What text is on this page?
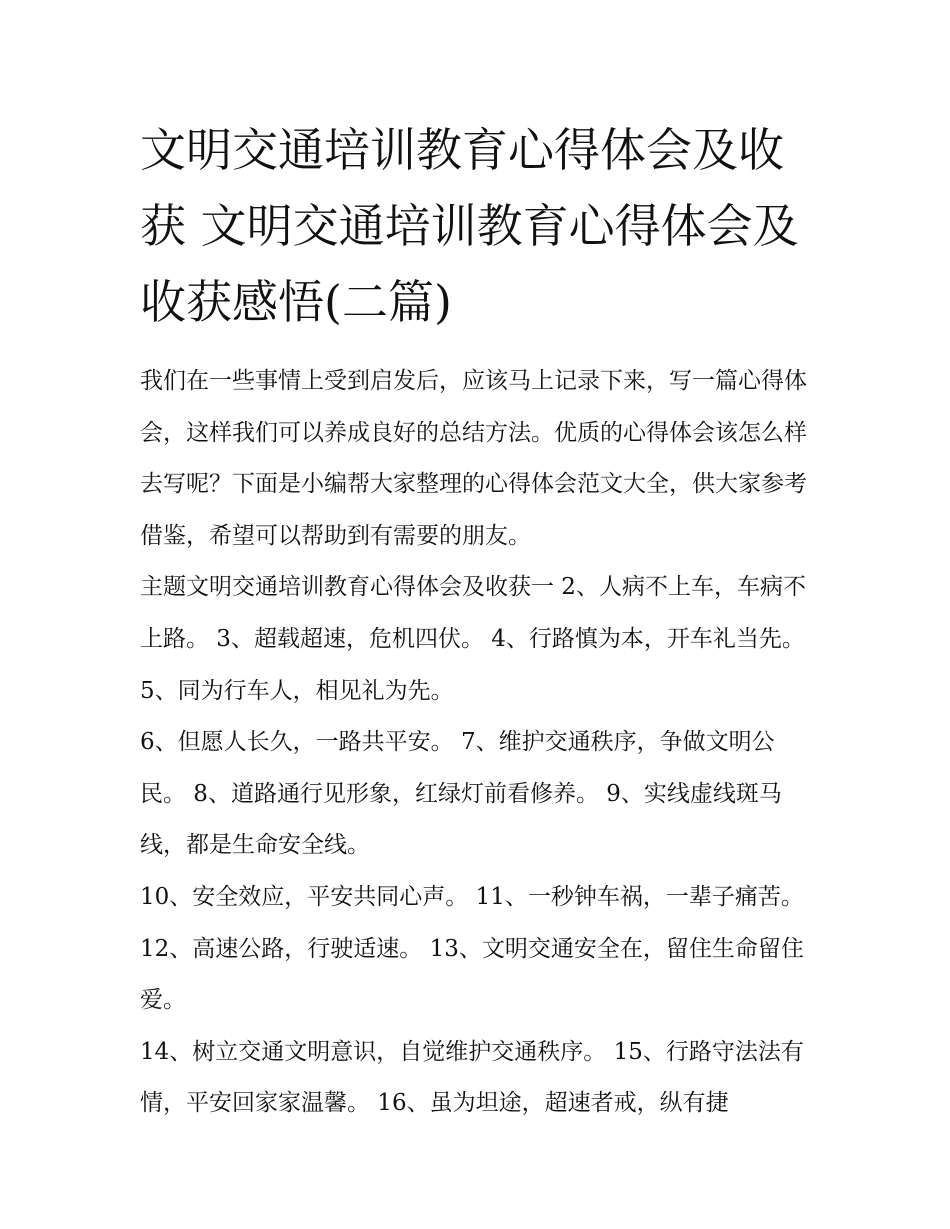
文明交通培训教育心得体会及收获 文明交通培训教育心得体会及收获感悟(二篇)

我们在一些事情上受到启发后，应该马上记录下来，写一篇心得体会，这样我们可以养成良好的总结方法。优质的心得体会该怎么样去写呢？下面是小编帮大家整理的心得体会范文大全，供大家参考借鉴，希望可以帮助到有需要的朋友。

主题文明交通培训教育心得体会及收获一 2、人病不上车，车病不上路。 3、超载超速，危机四伏。 4、行路慎为本，开车礼当先。 5、同为行车人，相见礼为先。

6、但愿人长久，一路共平安。 7、维护交通秩序，争做文明公民。 8、道路通行见形象，红绿灯前看修养。 9、实线虚线斑马线，都是生命安全线。

10、安全效应，平安共同心声。 11、一秒钟车祸，一辈子痛苦。 12、高速公路，行驶适速。 13、文明交通安全在，留住生命留住爱。

14、树立交通文明意识，自觉维护交通秩序。 15、行路守法法有情，平安回家家温馨。 16、虽为坦途，超速者戒，纵有捷
